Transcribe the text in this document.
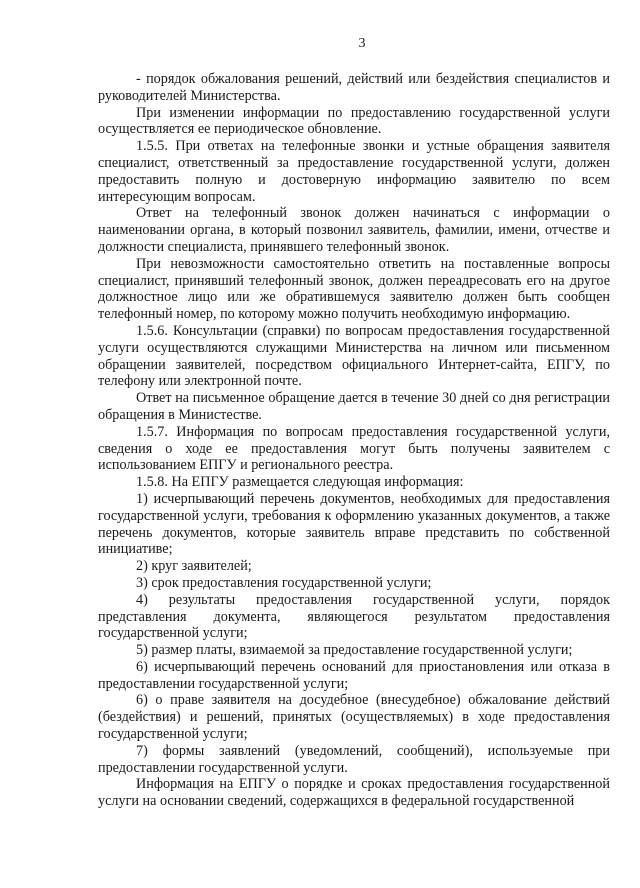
3

- порядок обжалования решений, действий или бездействия специалистов и руководителей Министерства.

При изменении информации по предоставлению государственной услуги осуществляется ее периодическое обновление.

1.5.5. При ответах на телефонные звонки и устные обращения заявителя специалист, ответственный за предоставление государственной услуги, должен предоставить полную и достоверную информацию заявителю по всем интересующим вопросам.

Ответ на телефонный звонок должен начинаться с информации о наименовании органа, в который позвонил заявитель, фамилии, имени, отчестве и должности специалиста, принявшего телефонный звонок.

При невозможности самостоятельно ответить на поставленные вопросы специалист, принявший телефонный звонок, должен переадресовать его на другое должностное лицо или же обратившемуся заявителю должен быть сообщен телефонный номер, по которому можно получить необходимую информацию.

1.5.6. Консультации (справки) по вопросам предоставления государственной услуги осуществляются служащими Министерства на личном или письменном обращении заявителей, посредством официального Интернет-сайта, ЕПГУ, по телефону или электронной почте.

Ответ на письменное обращение дается в течение 30 дней со дня регистрации обращения в Министестве.

1.5.7. Информация по вопросам предоставления государственной услуги, сведения о ходе ее предоставления могут быть получены заявителем с использованием ЕПГУ и регионального реестра.

1.5.8. На ЕПГУ размещается следующая информация:

1) исчерпывающий перечень документов, необходимых для предоставления государственной услуги, требования к оформлению указанных документов, а также перечень документов, которые заявитель вправе представить по собственной инициативе;

2) круг заявителей;

3) срок предоставления государственной услуги;

4) результаты предоставления государственной услуги, порядок представления документа, являющегося результатом предоставления государственной услуги;

5) размер платы, взимаемой за предоставление государственной услуги;

6) исчерпывающий перечень оснований для приостановления или отказа в предоставлении государственной услуги;

6) о праве заявителя на досудебное (внесудебное) обжалование действий (бездействия) и решений, принятых (осуществляемых) в ходе предоставления государственной услуги;

7) формы заявлений (уведомлений, сообщений), используемые при предоставлении государственной услуги.

Информация на ЕПГУ о порядке и сроках предоставления государственной услуги на основании сведений, содержащихся в федеральной государственной
